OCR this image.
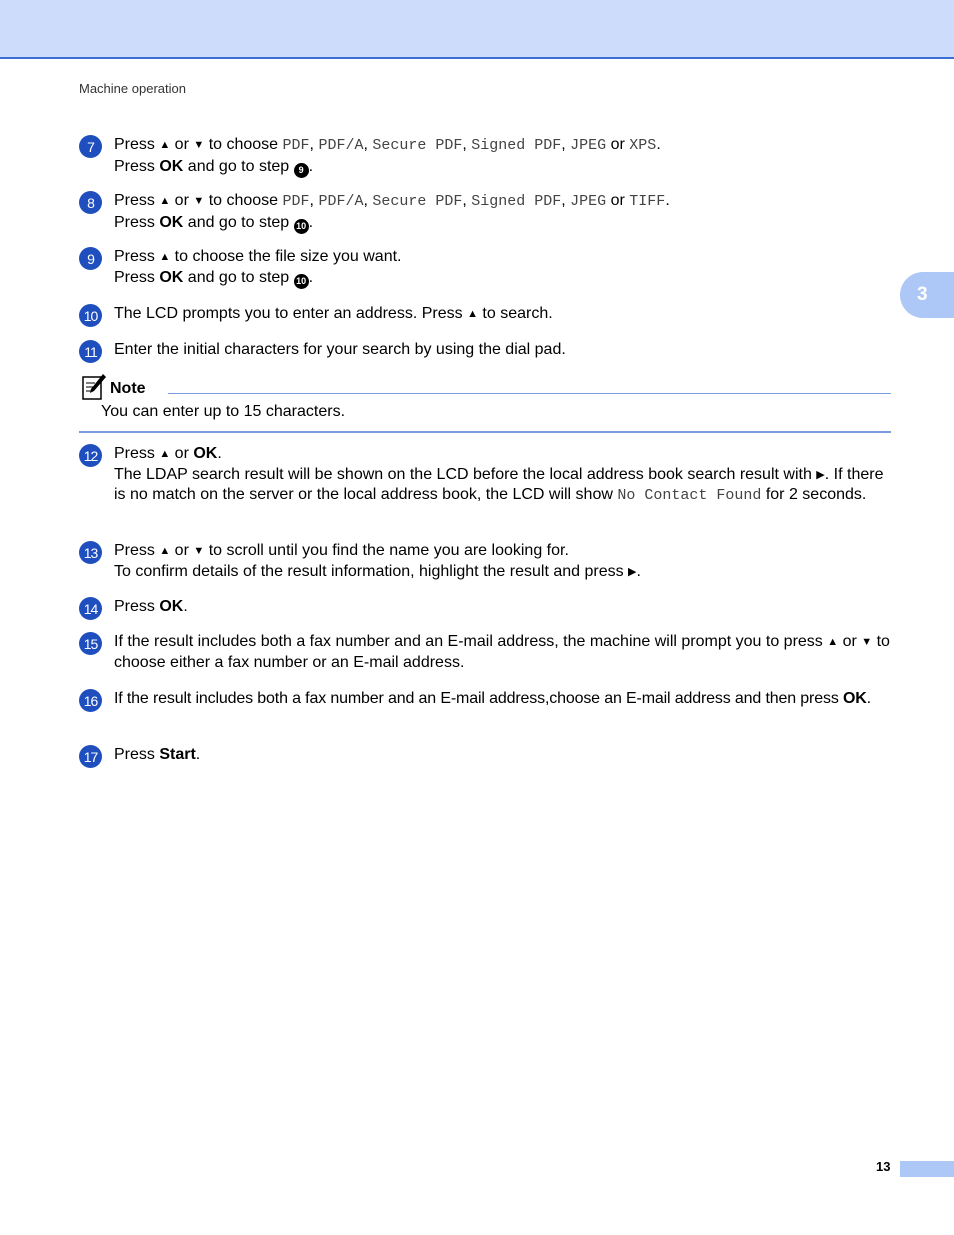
Machine operation
3
7	Press ▲ or ▼ to choose PDF, PDF/A, Secure PDF, Signed PDF, JPEG or XPS.
Press OK and go to step 9 .
8	Press ▲ or ▼ to choose PDF, PDF/A, Secure PDF, Signed PDF, JPEG or TIFF.
Press OK and go to step 10 .
9	Press ▲ to choose the file size you want.
Press OK and go to step 10 .
10 The LCD prompts you to enter an address. Press ▲ to search.
11	Enter the initial characters for your search by using the dial pad.
Note
You can enter up to 15 characters.
12 Press ▲ or OK.
The LDAP search result will be shown on the LCD before the local address book search result with ▶. If there is no match on the server or the local address book, the LCD will show No Contact Found for 2 seconds.
13 Press ▲ or ▼ to scroll until you find the name you are looking for.
To confirm details of the result information, highlight the result and press ▶.
14 Press OK.
15 If the result includes both a fax number and an E-mail address, the machine will prompt you to press ▲ or ▼ to choose either a fax number or an E-mail address.
16 If the result includes both a fax number and an E-mail address,choose an E-mail address and then press OK.
17 Press Start.
13
